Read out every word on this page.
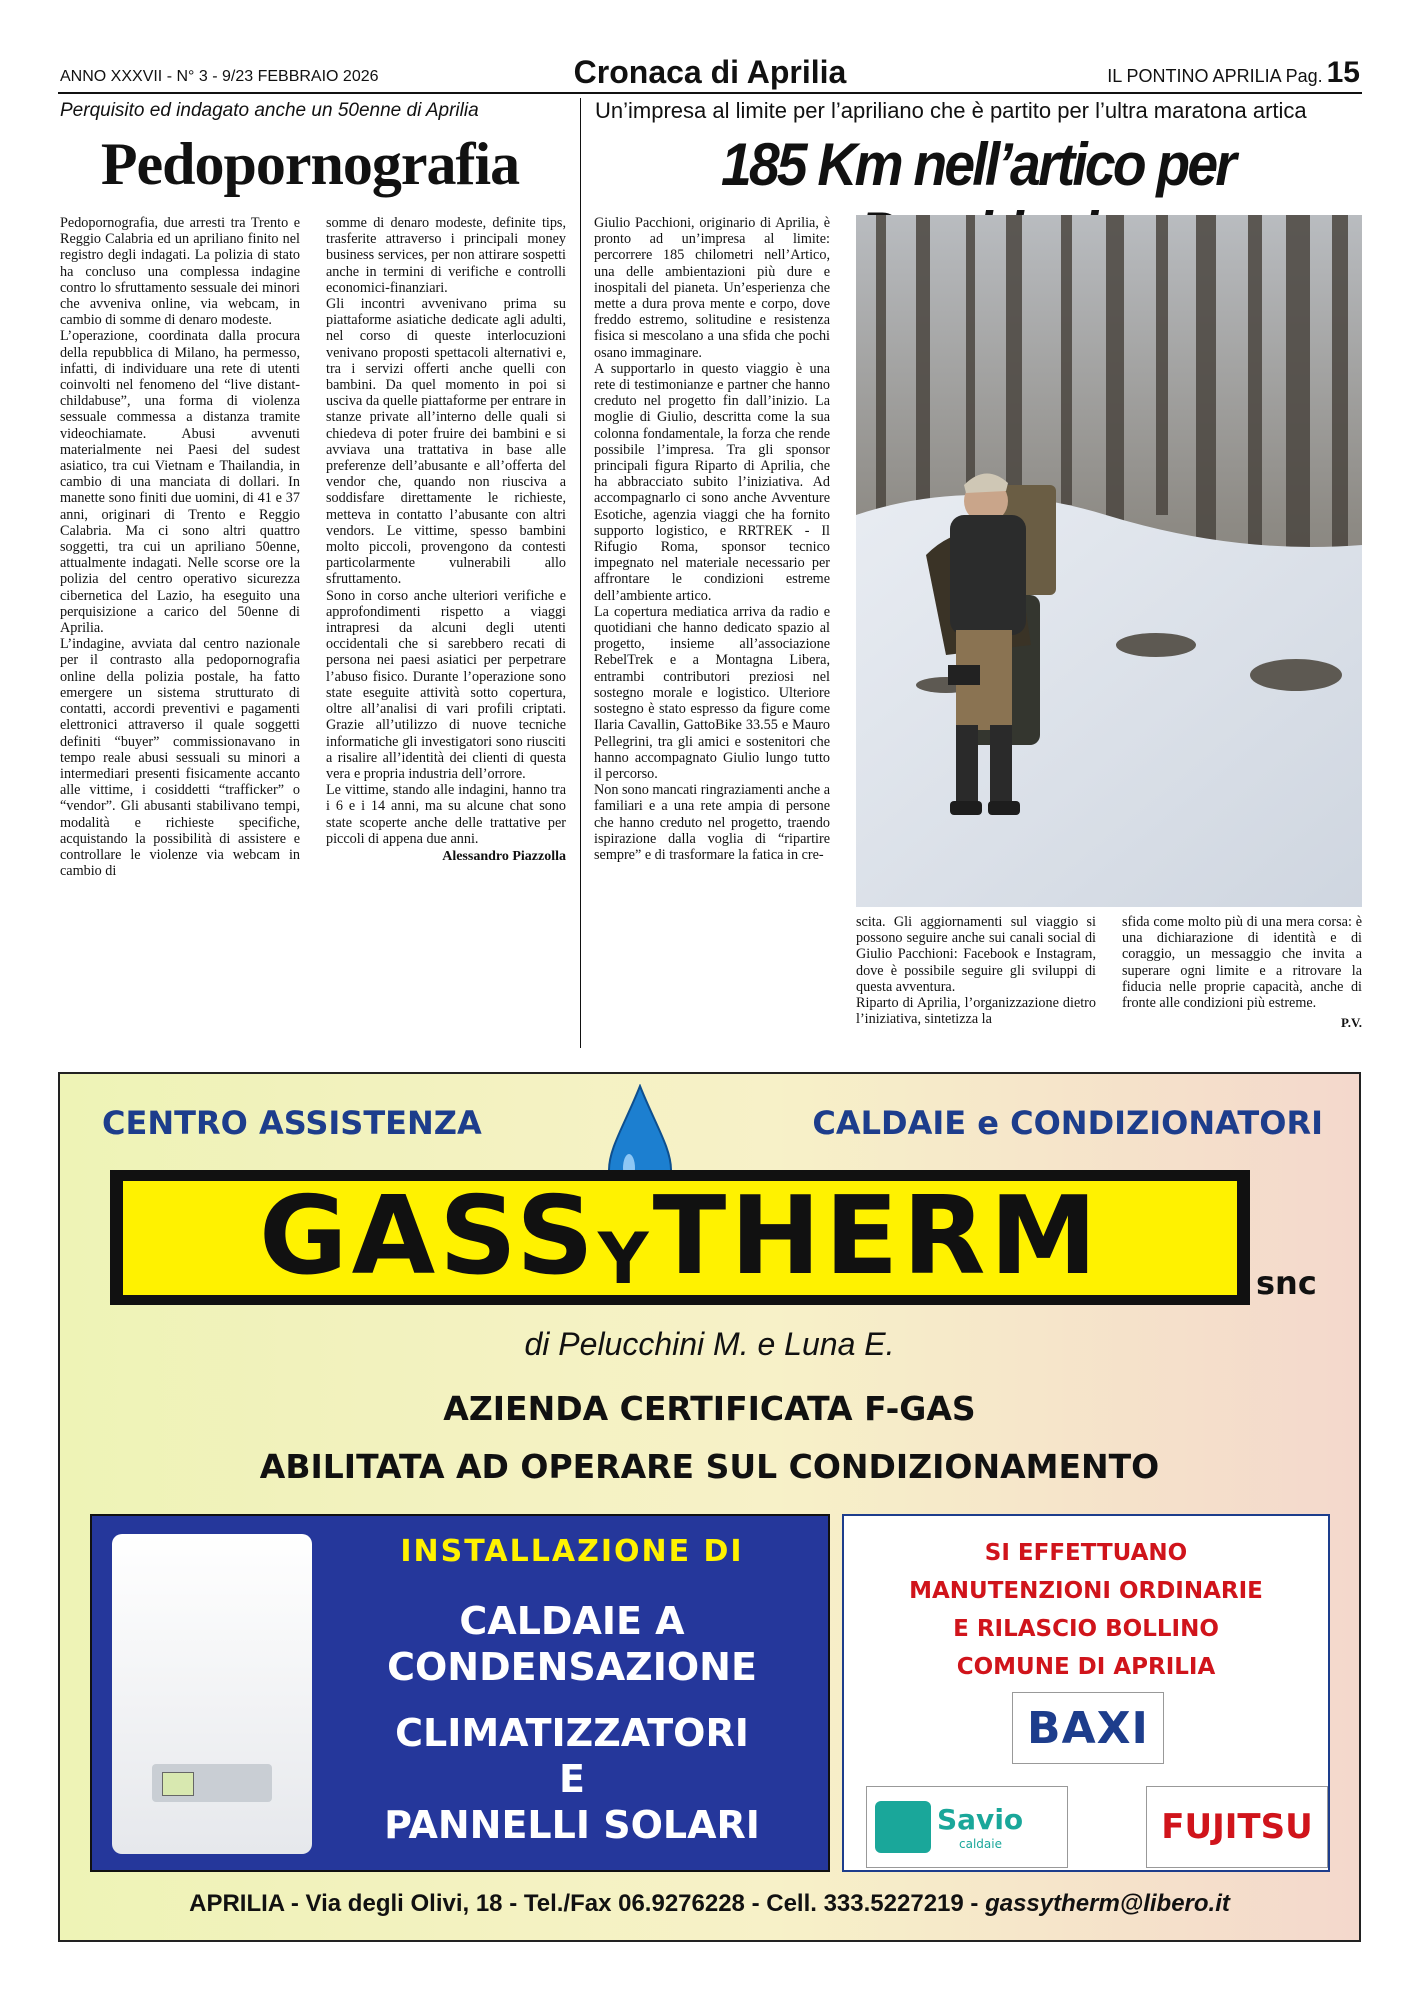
ANNO XXXVII - N° 3 - 9/23 FEBBRAIO 2026	Cronaca di Aprilia	IL PONTINO APRILIA Pag. 15
Perquisito ed indagato anche un 50enne di Aprilia
Pedopornografia

Pedopornografia, due arresti tra Trento e Reggio Calabria ed un apriliano finito nel registro degli indagati. La polizia di stato ha concluso una complessa indagine contro lo sfruttamento sessuale dei minori che avveniva online, via webcam, in cambio di somme di denaro modeste.

L’operazione, coordinata dalla procura della repubblica di Milano, ha permesso, infatti, di individuare una rete di utenti coinvolti nel fenomeno del “live distant-childabuse”, una forma di violenza sessuale commessa a distanza tramite videochiamate. Abusi avvenuti materialmente nei Paesi del sudest asiatico, tra cui Vietnam e Thailandia, in cambio di una manciata di dollari. In manette sono finiti due uomini, di 41 e 37 anni, originari di Trento e Reggio Calabria. Ma ci sono altri quattro soggetti, tra cui un apriliano 50enne, attualmente indagati. Nelle scorse ore la polizia del centro operativo sicurezza cibernetica del Lazio, ha eseguito una perquisizione a carico del 50enne di Aprilia.

L’indagine, avviata dal centro nazionale per il contrasto alla pedopornografia online della polizia postale, ha fatto emergere un sistema strutturato di contatti, accordi preventivi e pagamenti elettronici attraverso il quale soggetti definiti “buyer” commissionavano in tempo reale abusi sessuali su minori a intermediari presenti fisicamente accanto alle vittime, i cosiddetti “trafficker” o “vendor”. Gli abusanti stabilivano tempi, modalità e richieste specifiche, acquistando la possibilità di assistere e controllare le violenze via webcam in cambio di

somme di denaro modeste, definite tips, trasferite attraverso i principali money business services, per non attirare sospetti anche in termini di verifiche e controlli economici-finanziari.

Gli incontri avvenivano prima su piattaforme asiatiche dedicate agli adulti, nel corso di queste interlocuzioni venivano proposti spettacoli alternativi e, tra i servizi offerti anche quelli con bambini. Da quel momento in poi si usciva da quelle piattaforme per entrare in stanze private all’interno delle quali si chiedeva di poter fruire dei bambini e si avviava una trattativa in base alle preferenze dell’abusante e all’offerta del vendor che, quando non riusciva a soddisfare direttamente le richieste, metteva in contatto l’abusante con altri vendors. Le vittime, spesso bambini molto piccoli, provengono da contesti particolarmente vulnerabili allo sfruttamento.

Sono in corso anche ulteriori verifiche e approfondimenti rispetto a viaggi intrapresi da alcuni degli utenti occidentali che si sarebbero recati di persona nei paesi asiatici per perpetrare l’abuso fisico. Durante l’operazione sono state eseguite attività sotto copertura, oltre all’analisi di vari profili criptati. Grazie all’utilizzo di nuove tecniche informatiche gli investigatori sono riusciti a risalire all’identità dei clienti di questa vera e propria industria dell’orrore.

Le vittime, stando alle indagini, hanno tra i 6 e i 14 anni, ma su alcune chat sono state scoperte anche delle trattative per piccoli di appena due anni.

Alessandro Piazzolla
Un’impresa al limite per l’apriliano che è partito per l’ultra maratona artica
185 Km nell’artico per

Giulio Pacchioni, originario di Aprilia, è pronto ad un’impresa al limite: percorrere 185 chilometri nell’Artico, una delle ambientazioni più dure e inospitali del pianeta. Un’esperienza che mette a dura prova mente e corpo, dove freddo estremo, solitudine e resistenza fisica si mescolano a una sfida che pochi osano immaginare.

A supportarlo in questo viaggio è una rete di testimonianze e partner che hanno creduto nel progetto fin dall’inizio. La moglie di Giulio, descritta come la sua colonna fondamentale, la forza che rende possibile l’impresa. Tra gli sponsor principali figura Riparto di Aprilia, che ha abbracciato subito l’iniziativa. Ad accompagnarlo ci sono anche Avventure Esotiche, agenzia viaggi che ha fornito supporto logistico, e RRTREK - Il Rifugio Roma, sponsor tecnico impegnato nel materiale necessario per affrontare le condizioni estreme dell’ambiente artico.

La copertura mediatica arriva da radio e quotidiani che hanno dedicato spazio al progetto, insieme all’associazione RebelTrek e a Montagna Libera, entrambi contributori preziosi nel sostegno morale e logistico. Ulteriore sostegno è stato espresso da figure come Ilaria Cavallin, GattoBike 33.55 e Mauro Pellegrini, tra gli amici e sostenitori che hanno accompagnato Giulio lungo tutto il percorso.

Non sono mancati ringraziamenti anche a familiari e a una rete ampia di persone che hanno creduto nel progetto, traendo ispirazione dalla voglia di “ripartire sempre” e di trasformare la fatica in cre-

scita. Gli aggiornamenti sul viaggio si possono seguire anche sui canali social di Giulio Pacchioni: Facebook e Instagram, dove è possibile seguire gli sviluppi di questa avventura.

Riparto di Aprilia, l’organizzazione dietro l’iniziativa, sintetizza la

sfida come molto più di una mera corsa: è una dichiarazione di identità e di coraggio, un messaggio che invita a superare ogni limite e a ritrovare la fiducia nelle proprie capacità, anche di fronte alle condizioni più estreme.

P.V.
CENTRO ASSISTENZA	CALDAIE e CONDIZIONATORI
GASSYTHERM	snc
di Pelucchini M. e Luna E.
AZIENDA CERTIFICATA F-GAS
ABILITATA AD OPERARE SUL CONDIZIONAMENTO
INSTALLAZIONE DI
CALDAIE A
CONDENSAZIONE
CLIMATIZZATORI
E
PANNELLI SOLARI
SI EFFETTUANO
MANUTENZIONI ORDINARIE
E RILASCIO BOLLINO
COMUNE DI APRILIA
BAXI
Savio
caldaie	FUJITSU
APRILIA - Via degli Olivi, 18 - Tel./Fax 06.9276228 - Cell. 333.5227219 - gassytherm@libero.it
